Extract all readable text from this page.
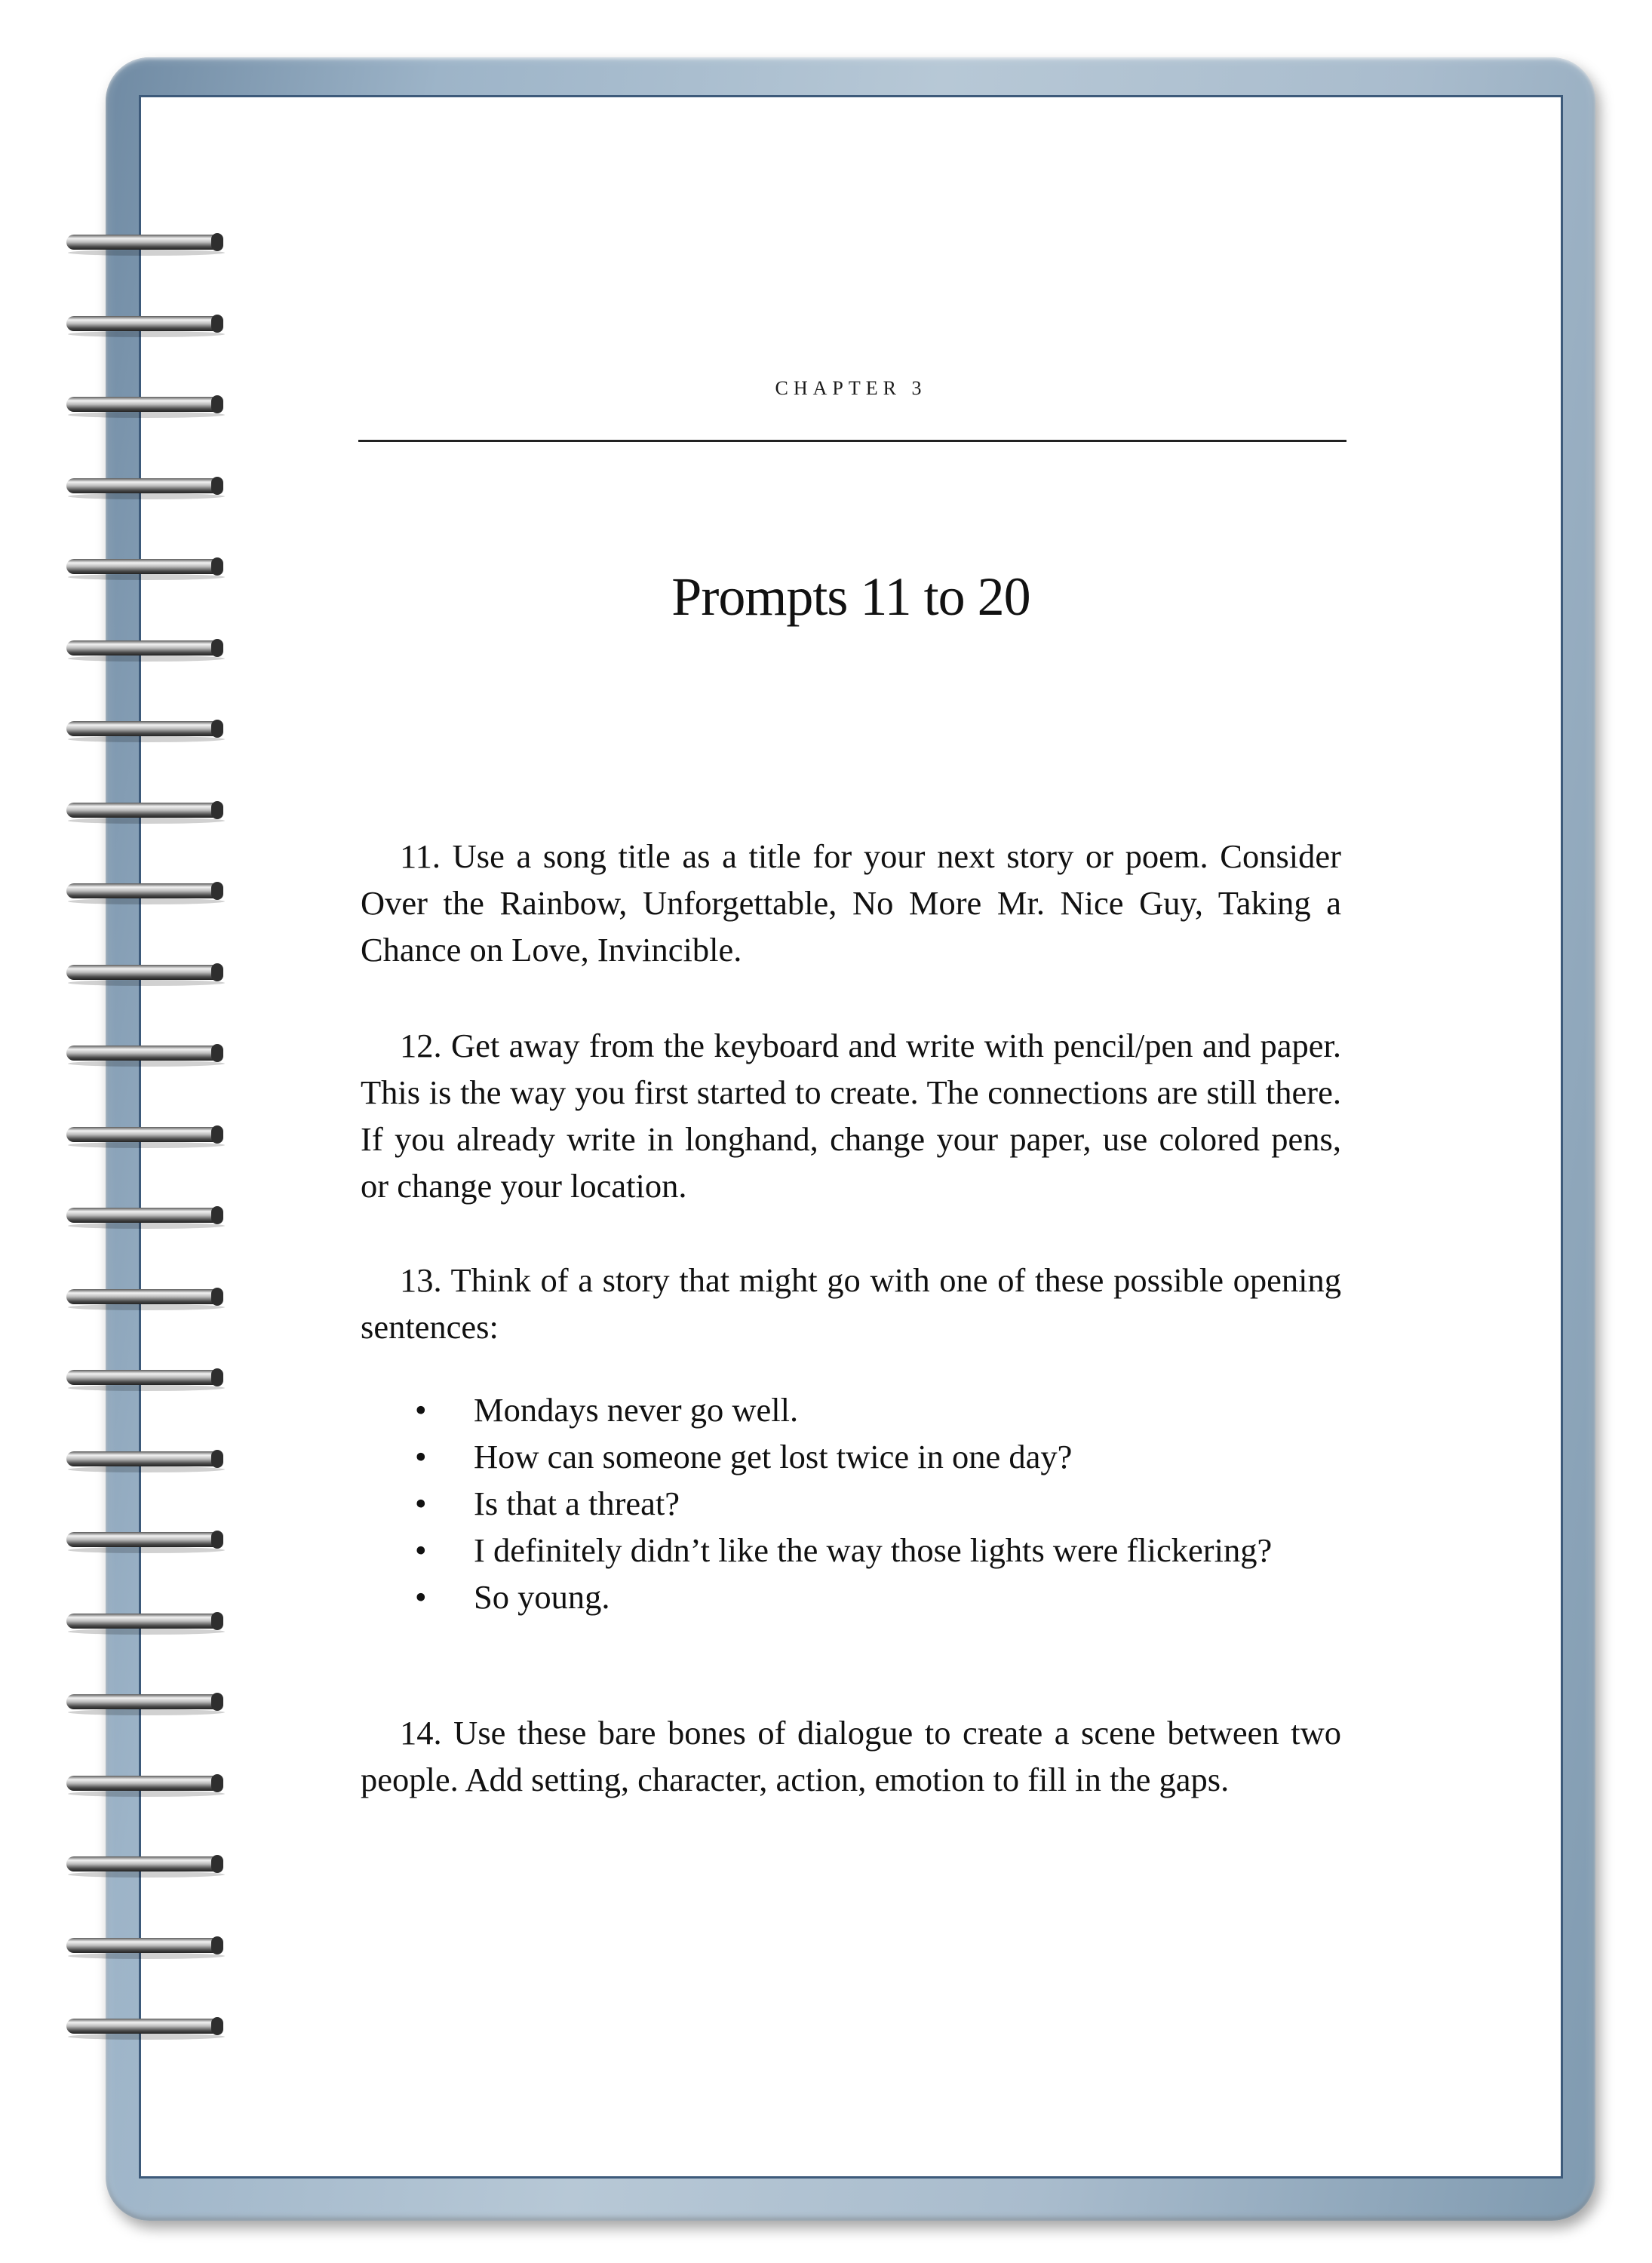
CHAPTER 3
Prompts 11 to 20

11. Use a song title as a title for your next story or poem. Consider Over the Rainbow, Unforgettable, No More Mr. Nice Guy, Taking a Chance on Love, Invincible.

12. Get away from the keyboard and write with pencil/pen and paper. This is the way you first started to create. The connections are still there. If you already write in longhand, change your paper, use colored pens, or change your location.

13. Think of a story that might go with one of these possible opening sentences:

• Mondays never go well.
• How can someone get lost twice in one day?
• Is that a threat?
• I definitely didn’t like the way those lights were flickering?
• So young.

14. Use these bare bones of dialogue to create a scene between two people. Add setting, character, action, emotion to fill in the gaps.
